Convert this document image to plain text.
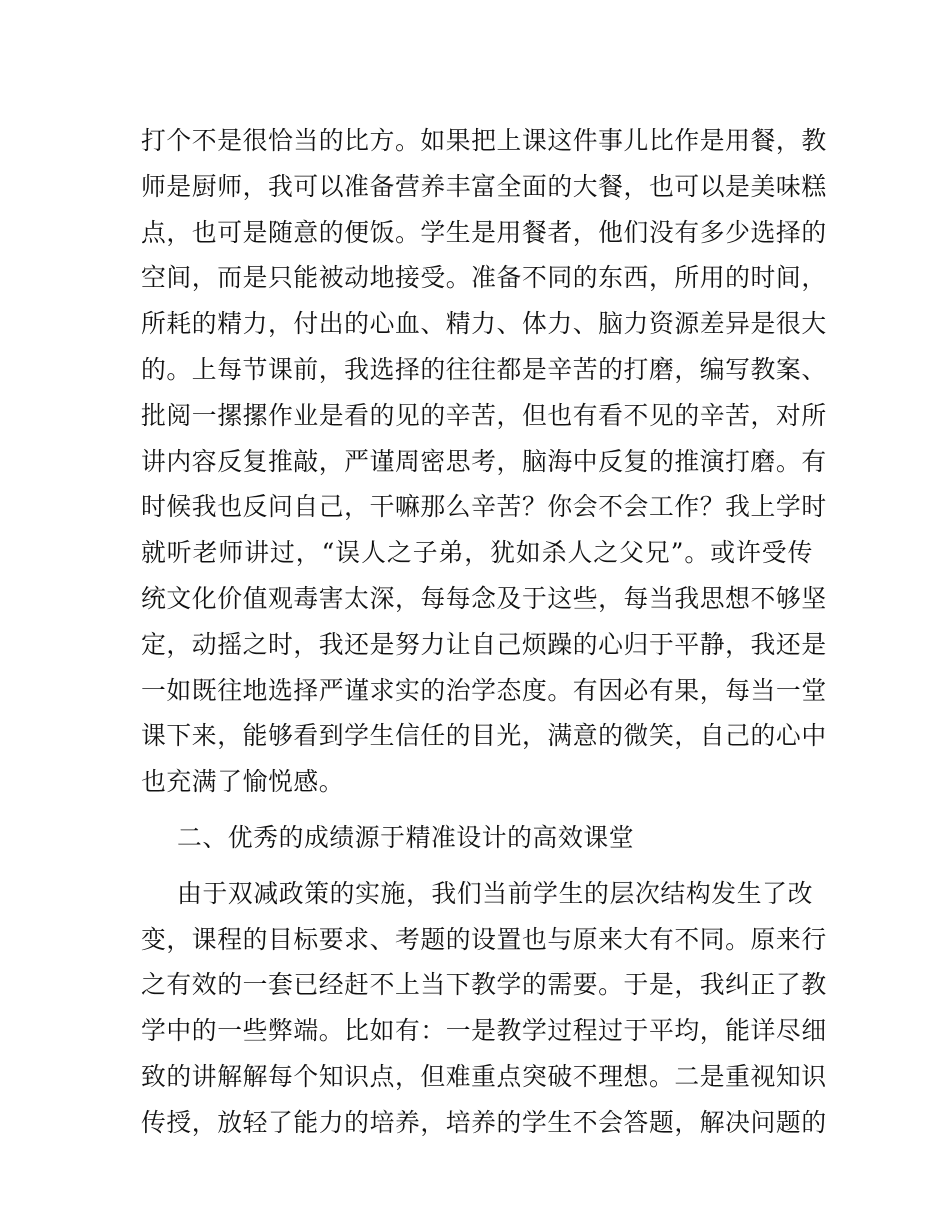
打个不是很恰当的比方。如果把上课这件事儿比作是用餐，教
师是厨师，我可以准备营养丰富全面的大餐，也可以是美味糕
点，也可是随意的便饭。学生是用餐者，他们没有多少选择的
空间，而是只能被动地接受。准备不同的东西，所用的时间，
所耗的精力，付出的心血、精力、体力、脑力资源差异是很大
的。上每节课前，我选择的往往都是辛苦的打磨，编写教案、
批阅一摞摞作业是看的见的辛苦，但也有看不见的辛苦，对所
讲内容反复推敲，严谨周密思考，脑海中反复的推演打磨。有
时候我也反问自己，干嘛那么辛苦？你会不会工作？我上学时
就听老师讲过，“误人之子弟，犹如杀人之父兄”。或许受传
统文化价值观毒害太深，每每念及于这些，每当我思想不够坚
定，动摇之时，我还是努力让自己烦躁的心归于平静，我还是
一如既往地选择严谨求实的治学态度。有因必有果，每当一堂
课下来，能够看到学生信任的目光，满意的微笑，自己的心中
也充满了愉悦感。
二、优秀的成绩源于精准设计的高效课堂
由于双减政策的实施，我们当前学生的层次结构发生了改
变，课程的目标要求、考题的设置也与原来大有不同。原来行
之有效的一套已经赶不上当下教学的需要。于是，我纠正了教
学中的一些弊端。比如有：一是教学过程过于平均，能详尽细
致的讲解解每个知识点，但难重点突破不理想。二是重视知识
传授，放轻了能力的培养，培养的学生不会答题，解决问题的
